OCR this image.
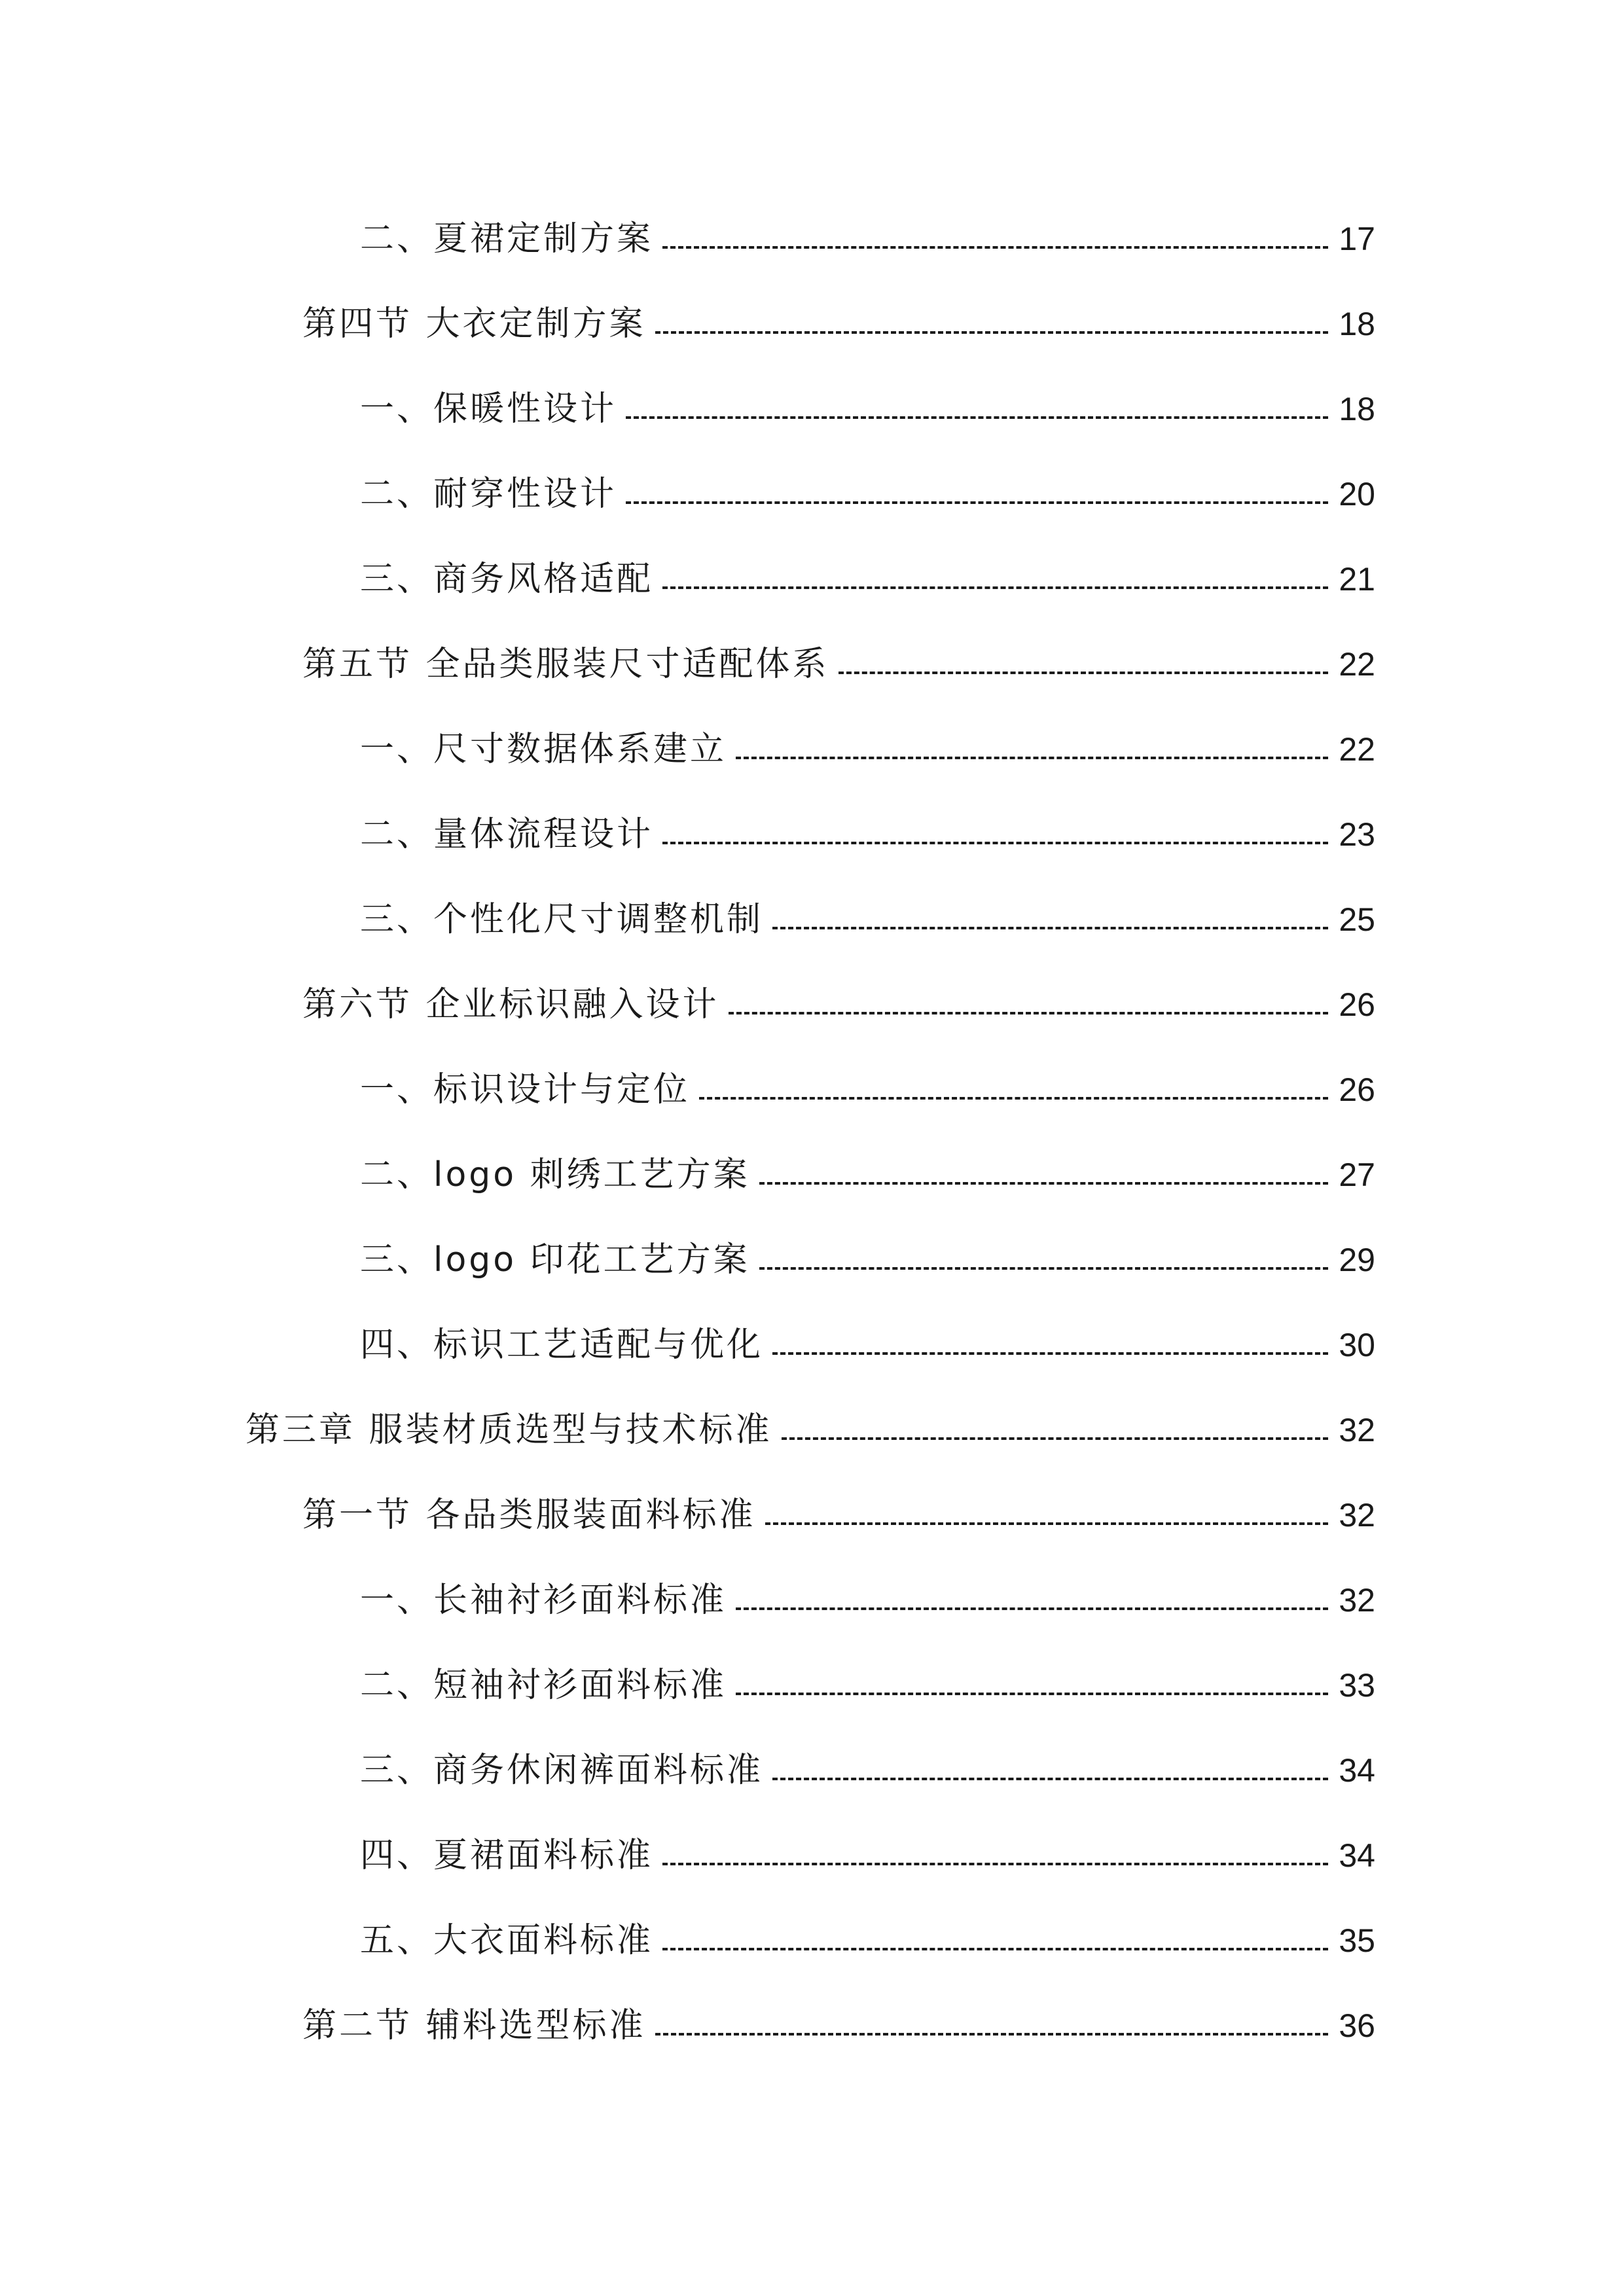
二、夏裙定制方案	17
第四节 大衣定制方案	18
一、保暖性设计	18
二、耐穿性设计	20
三、商务风格适配	21
第五节 全品类服装尺寸适配体系	22
一、尺寸数据体系建立	22
二、量体流程设计	23
三、个性化尺寸调整机制	25
第六节 企业标识融入设计	26
一、标识设计与定位	26
二、logo 刺绣工艺方案	27
三、logo 印花工艺方案	29
四、标识工艺适配与优化	30
第三章 服装材质选型与技术标准	32
第一节 各品类服装面料标准	32
一、长袖衬衫面料标准	32
二、短袖衬衫面料标准	33
三、商务休闲裤面料标准	34
四、夏裙面料标准	34
五、大衣面料标准	35
第二节 辅料选型标准	36
